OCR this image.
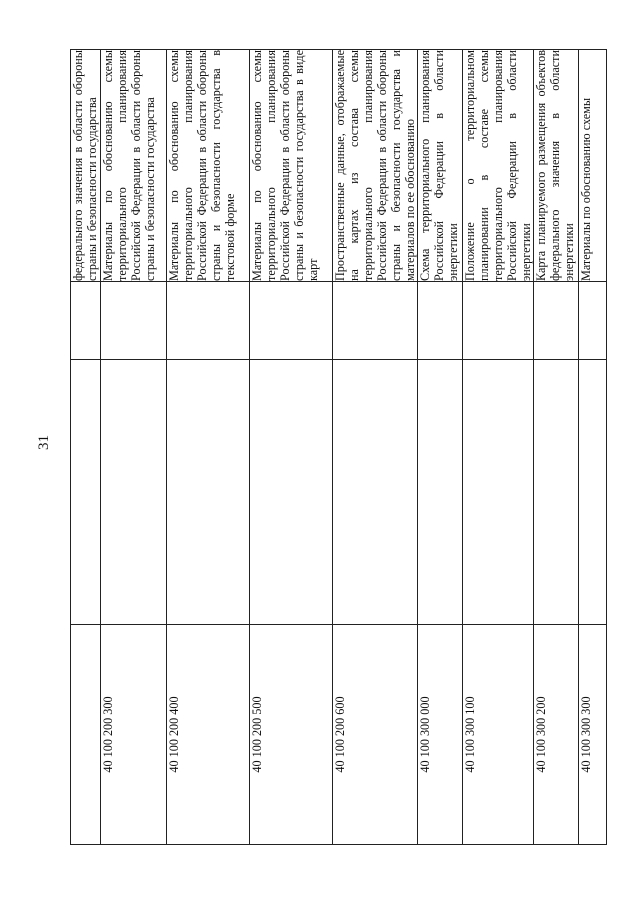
31
			федерального значения в области обороны страны и безопасности государства
40 100 200 300			Материалы по обоснованию схемы территориального планирования Российской Федерации в области обороны страны и безопасности государства
40 100 200 400			Материалы по обоснованию схемы территориального планирования Российской Федерации в области обороны страны и безопасности государства в текстовой форме
40 100 200 500			Материалы по обоснованию схемы территориального планирования Российской Федерации в области обороны страны и безопасности государства в виде карт
40 100 200 600			Пространственные данные, отображаемые на картах из состава схемы территориального планирования Российской Федерации в области обороны страны и безопасности государства и материалов по ее обоснованию
40 100 300 000			Схема территориального планирования Российской Федерации в области энергетики
40 100 300 100			Положение о территориальном планировании в составе схемы территориального планирования Российской Федерации в области энергетики
40 100 300 200			Карта планируемого размещения объектов федерального значения в области энергетики
40 100 300 300			Материалы по обоснованию схемы
